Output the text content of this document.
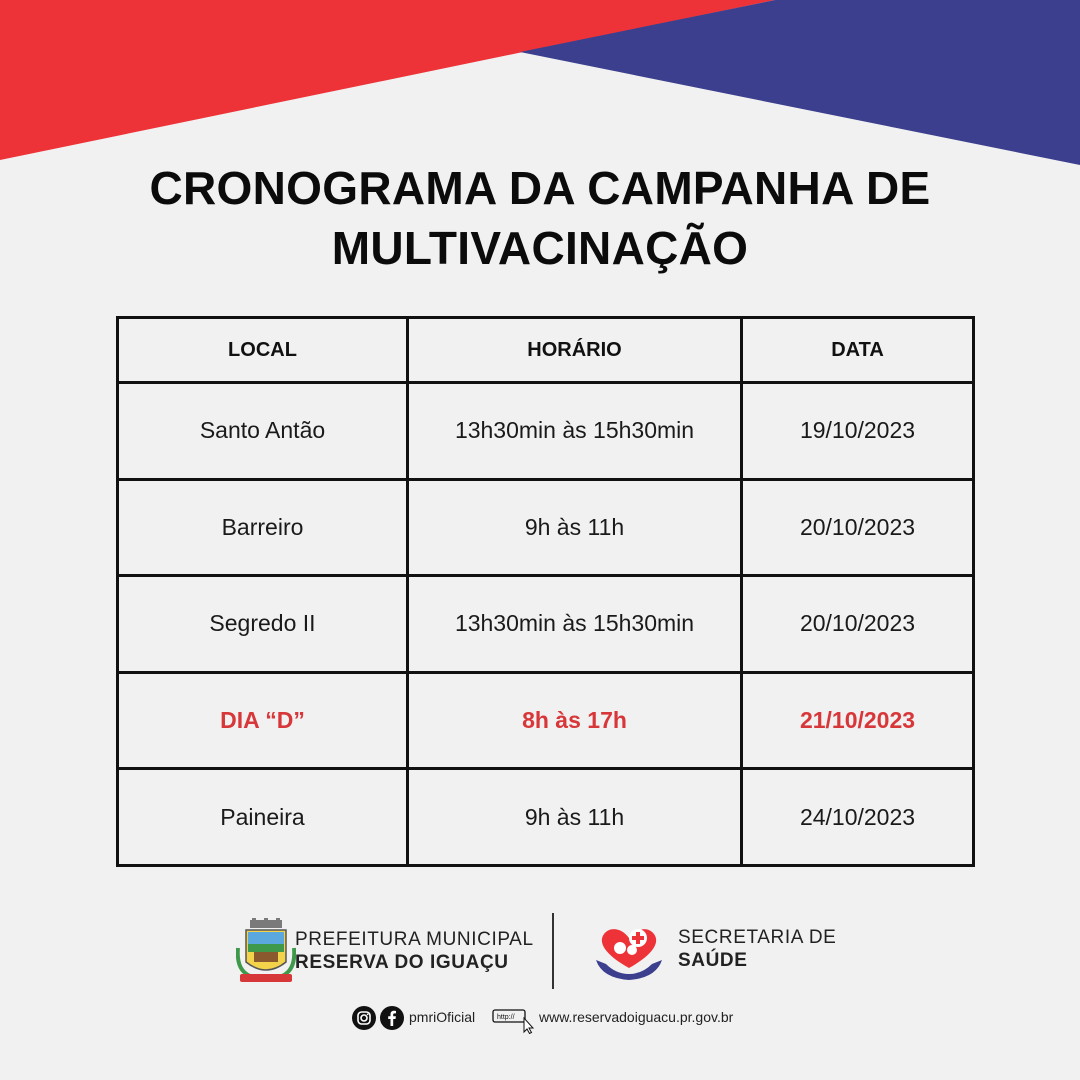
CRONOGRAMA DA CAMPANHA DE
MULTIVACINAÇÃO
LOCAL	HORÁRIO	DATA
Santo Antão	13h30min às 15h30min	19/10/2023
Barreiro	9h às 11h	20/10/2023
Segredo II	13h30min às 15h30min	20/10/2023
DIA “D”	8h às 17h	21/10/2023
Paineira	9h às 11h	24/10/2023
PREFEITURA MUNICIPAL
RESERVA DO IGUAÇU
SECRETARIA DE
SAÚDE
pmriOficial	http:// www.reservadoiguacu.pr.gov.br
